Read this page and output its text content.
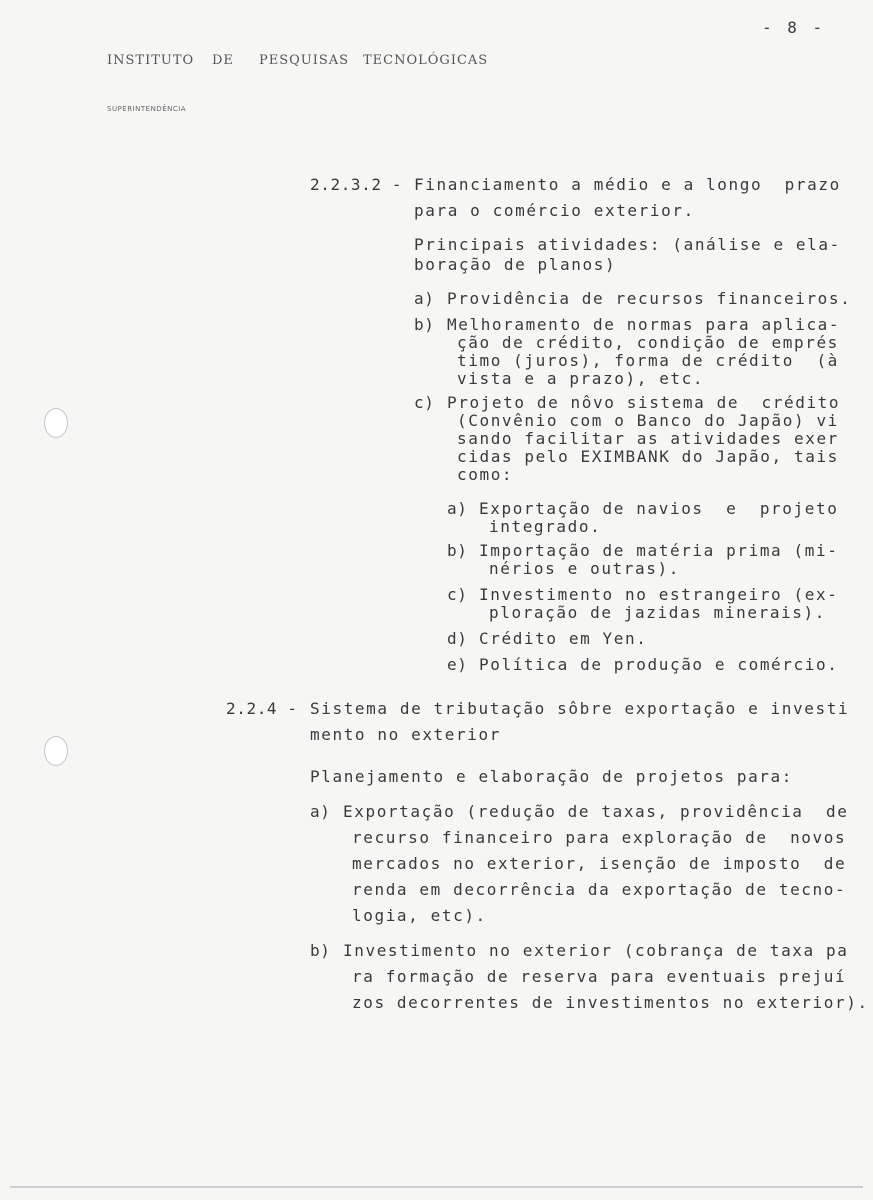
- 8 -
INSTITUTO DE PESQUISAS TECNOLÓGICAS
SUPERINTENDÊNCIA
2.2.3.2 - Financiamento a médio e a longo  prazo
para o comércio exterior.
Principais atividades: (análise e ela-
boração de planos)
a) Providência de recursos financeiros.
b) Melhoramento de normas para aplica-
ção de crédito, condição de emprés
timo (juros), forma de crédito  (à
vista e a prazo), etc.
c) Projeto de nôvo sistema de  crédito
(Convênio com o Banco do Japão) vi
sando facilitar as atividades exer
cidas pelo EXIMBANK do Japão, tais
como:
a) Exportação de navios  e  projeto
integrado.
b) Importação de matéria prima (mi-
nérios e outras).
c) Investimento no estrangeiro (ex-
ploração de jazidas minerais).
d) Crédito em Yen.
e) Política de produção e comércio.
2.2.4 - Sistema de tributação sôbre exportação e investi
mento no exterior
Planejamento e elaboração de projetos para:
a) Exportação (redução de taxas, providência  de
recurso financeiro para exploração de  novos
mercados no exterior, isenção de imposto  de
renda em decorrência da exportação de tecno-
logia, etc).
b) Investimento no exterior (cobrança de taxa pa
ra formação de reserva para eventuais prejuí
zos decorrentes de investimentos no exterior).
